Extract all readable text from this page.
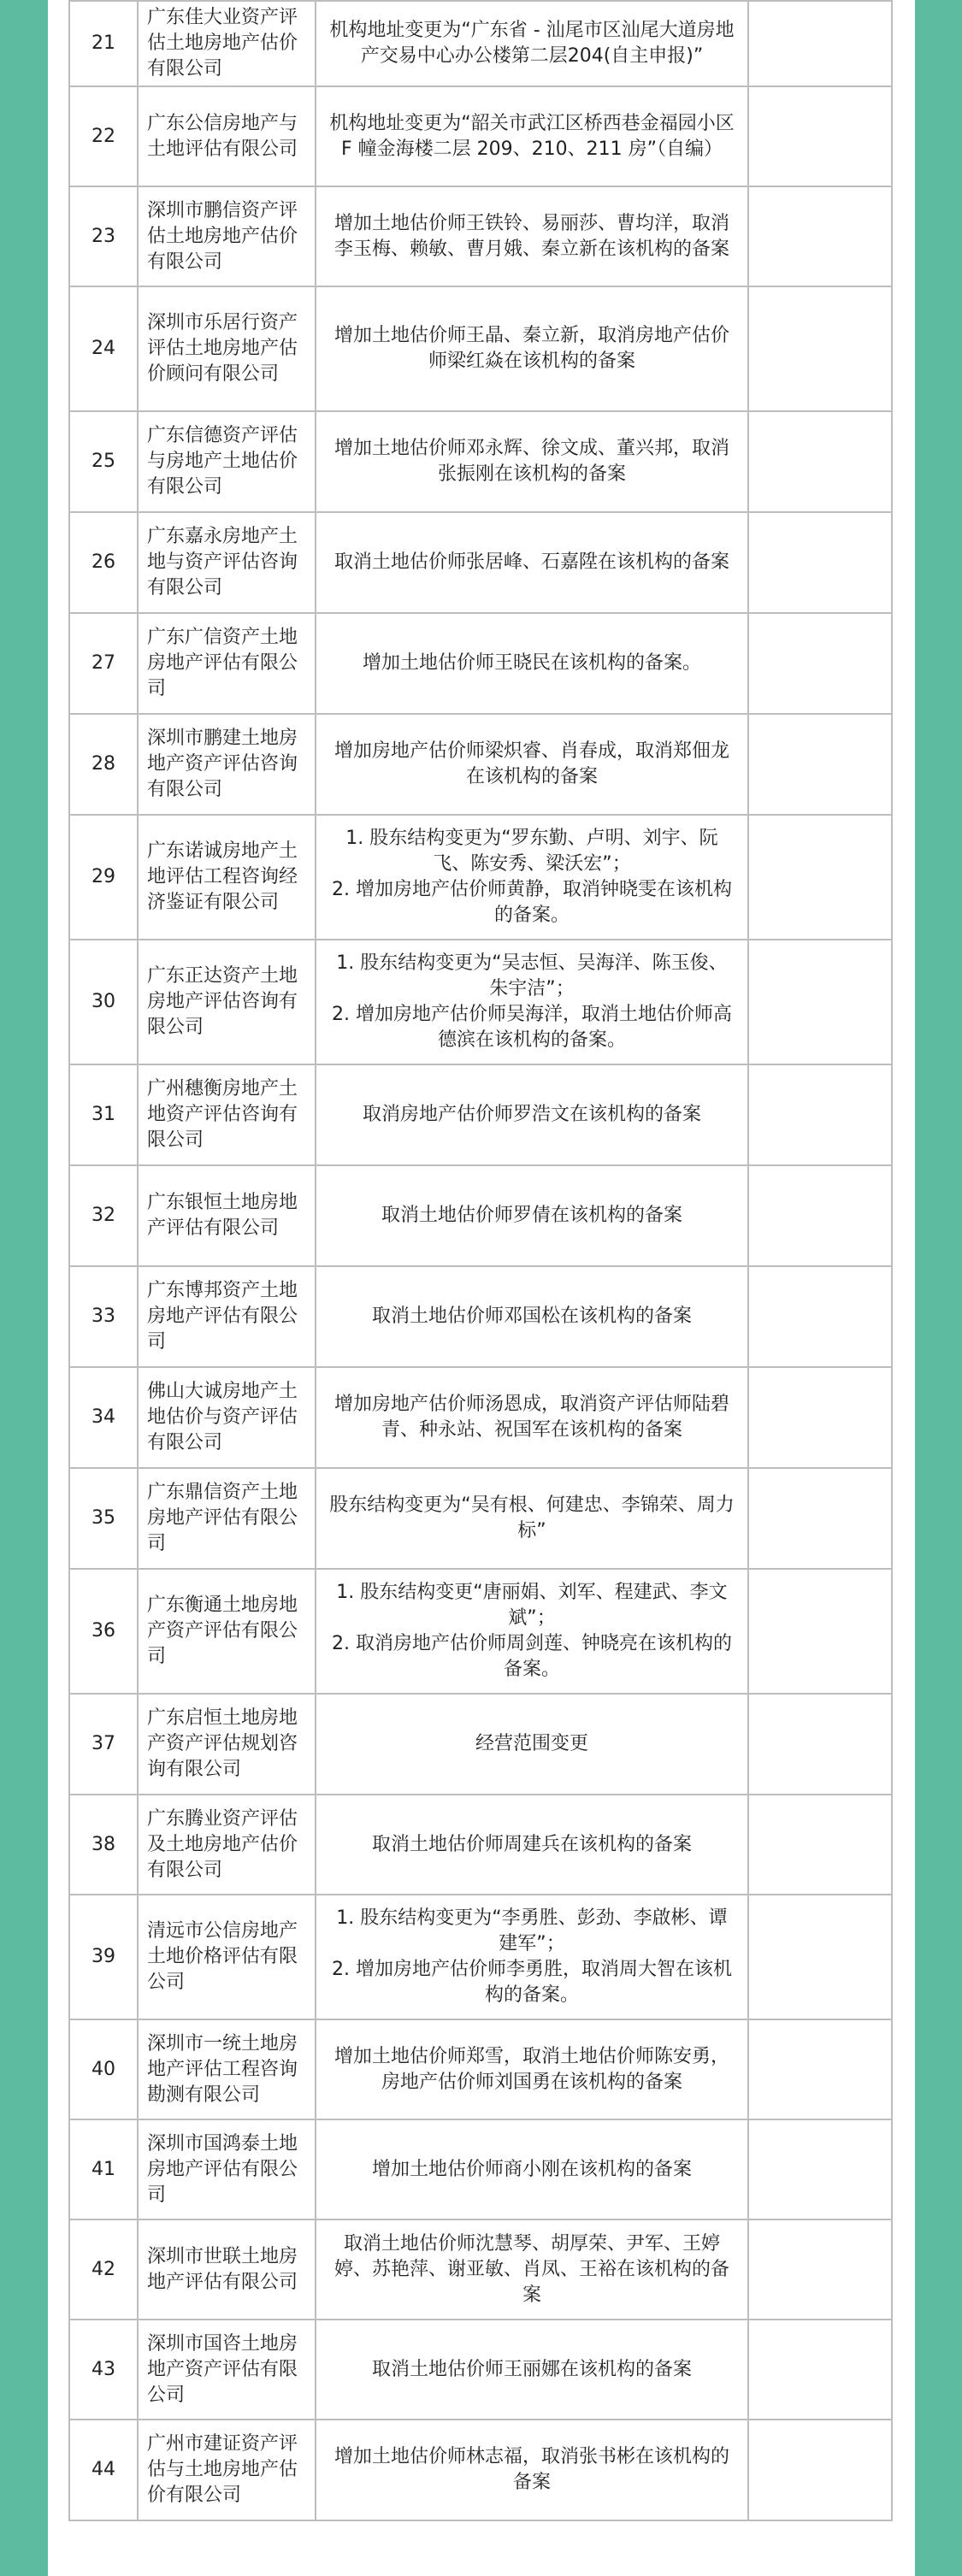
21	广东佳大业资产评估土地房地产估价有限公司	机构地址变更为“广东省 - 汕尾市区汕尾大道房地产交易中心办公楼第二层204(自主申报)”	
22	广东公信房地产与土地评估有限公司	机构地址变更为“韶关市武江区桥西巷金福园小区 F 幢金海楼二层 209、210、211 房”（自编）	
23	深圳市鹏信资产评估土地房地产估价有限公司	增加土地估价师王铁铃、易丽莎、曹均洋，取消李玉梅、赖敏、曹月娥、秦立新在该机构的备案	
24	深圳市乐居行资产评估土地房地产估价顾问有限公司	增加土地估价师王晶、秦立新，取消房地产估价师梁红焱在该机构的备案	
25	广东信德资产评估与房地产土地估价有限公司	增加土地估价师邓永辉、徐文成、董兴邦，取消张振刚在该机构的备案	
26	广东嘉永房地产土地与资产评估咨询有限公司	取消土地估价师张居峰、石嘉陞在该机构的备案	
27	广东广信资产土地房地产评估有限公司	增加土地估价师王晓民在该机构的备案。	
28	深圳市鹏建土地房地产资产评估咨询有限公司	增加房地产估价师梁炽睿、肖春成，取消郑佃龙在该机构的备案	
29	广东诺诚房地产土地评估工程咨询经济鉴证有限公司	1. 股东结构变更为“罗东勤、卢明、刘宇、阮飞、陈安秀、梁沃宏”；
2. 增加房地产估价师黄静，取消钟晓雯在该机构的备案。	
30	广东正达资产土地房地产评估咨询有限公司	1. 股东结构变更为“吴志恒、吴海洋、陈玉俊、朱宇洁”；
2. 增加房地产估价师吴海洋，取消土地估价师高德滨在该机构的备案。	
31	广州穗衡房地产土地资产评估咨询有限公司	取消房地产估价师罗浩文在该机构的备案	
32	广东银恒土地房地产评估有限公司	取消土地估价师罗倩在该机构的备案	
33	广东博邦资产土地房地产评估有限公司	取消土地估价师邓国松在该机构的备案	
34	佛山大诚房地产土地估价与资产评估有限公司	增加房地产估价师汤恩成，取消资产评估师陆碧青、种永站、祝国军在该机构的备案	
35	广东鼎信资产土地房地产评估有限公司	股东结构变更为“吴有根、何建忠、李锦荣、周力标”	
36	广东衡通土地房地产资产评估有限公司	1. 股东结构变更“唐丽娟、刘军、程建武、李文斌”；
2. 取消房地产估价师周剑莲、钟晓亮在该机构的备案。	
37	广东启恒土地房地产资产评估规划咨询有限公司	经营范围变更	
38	广东腾业资产评估及土地房地产估价有限公司	取消土地估价师周建兵在该机构的备案	
39	清远市公信房地产土地价格评估有限公司	1. 股东结构变更为“李勇胜、彭劲、李啟彬、谭建军”；
2. 增加房地产估价师李勇胜，取消周大智在该机构的备案。	
40	深圳市一统土地房地产评估工程咨询勘测有限公司	增加土地估价师郑雪，取消土地估价师陈安勇，房地产估价师刘国勇在该机构的备案	
41	深圳市国鸿泰土地房地产评估有限公司	增加土地估价师商小刚在该机构的备案	
42	深圳市世联土地房地产评估有限公司	取消土地估价师沈慧琴、胡厚荣、尹军、王婷婷、苏艳萍、谢亚敏、肖凤、王裕在该机构的备案	
43	深圳市国咨土地房地产资产评估有限公司	取消土地估价师王丽娜在该机构的备案	
44	广州市建证资产评估与土地房地产估价有限公司	增加土地估价师林志福，取消张书彬在该机构的备案	
